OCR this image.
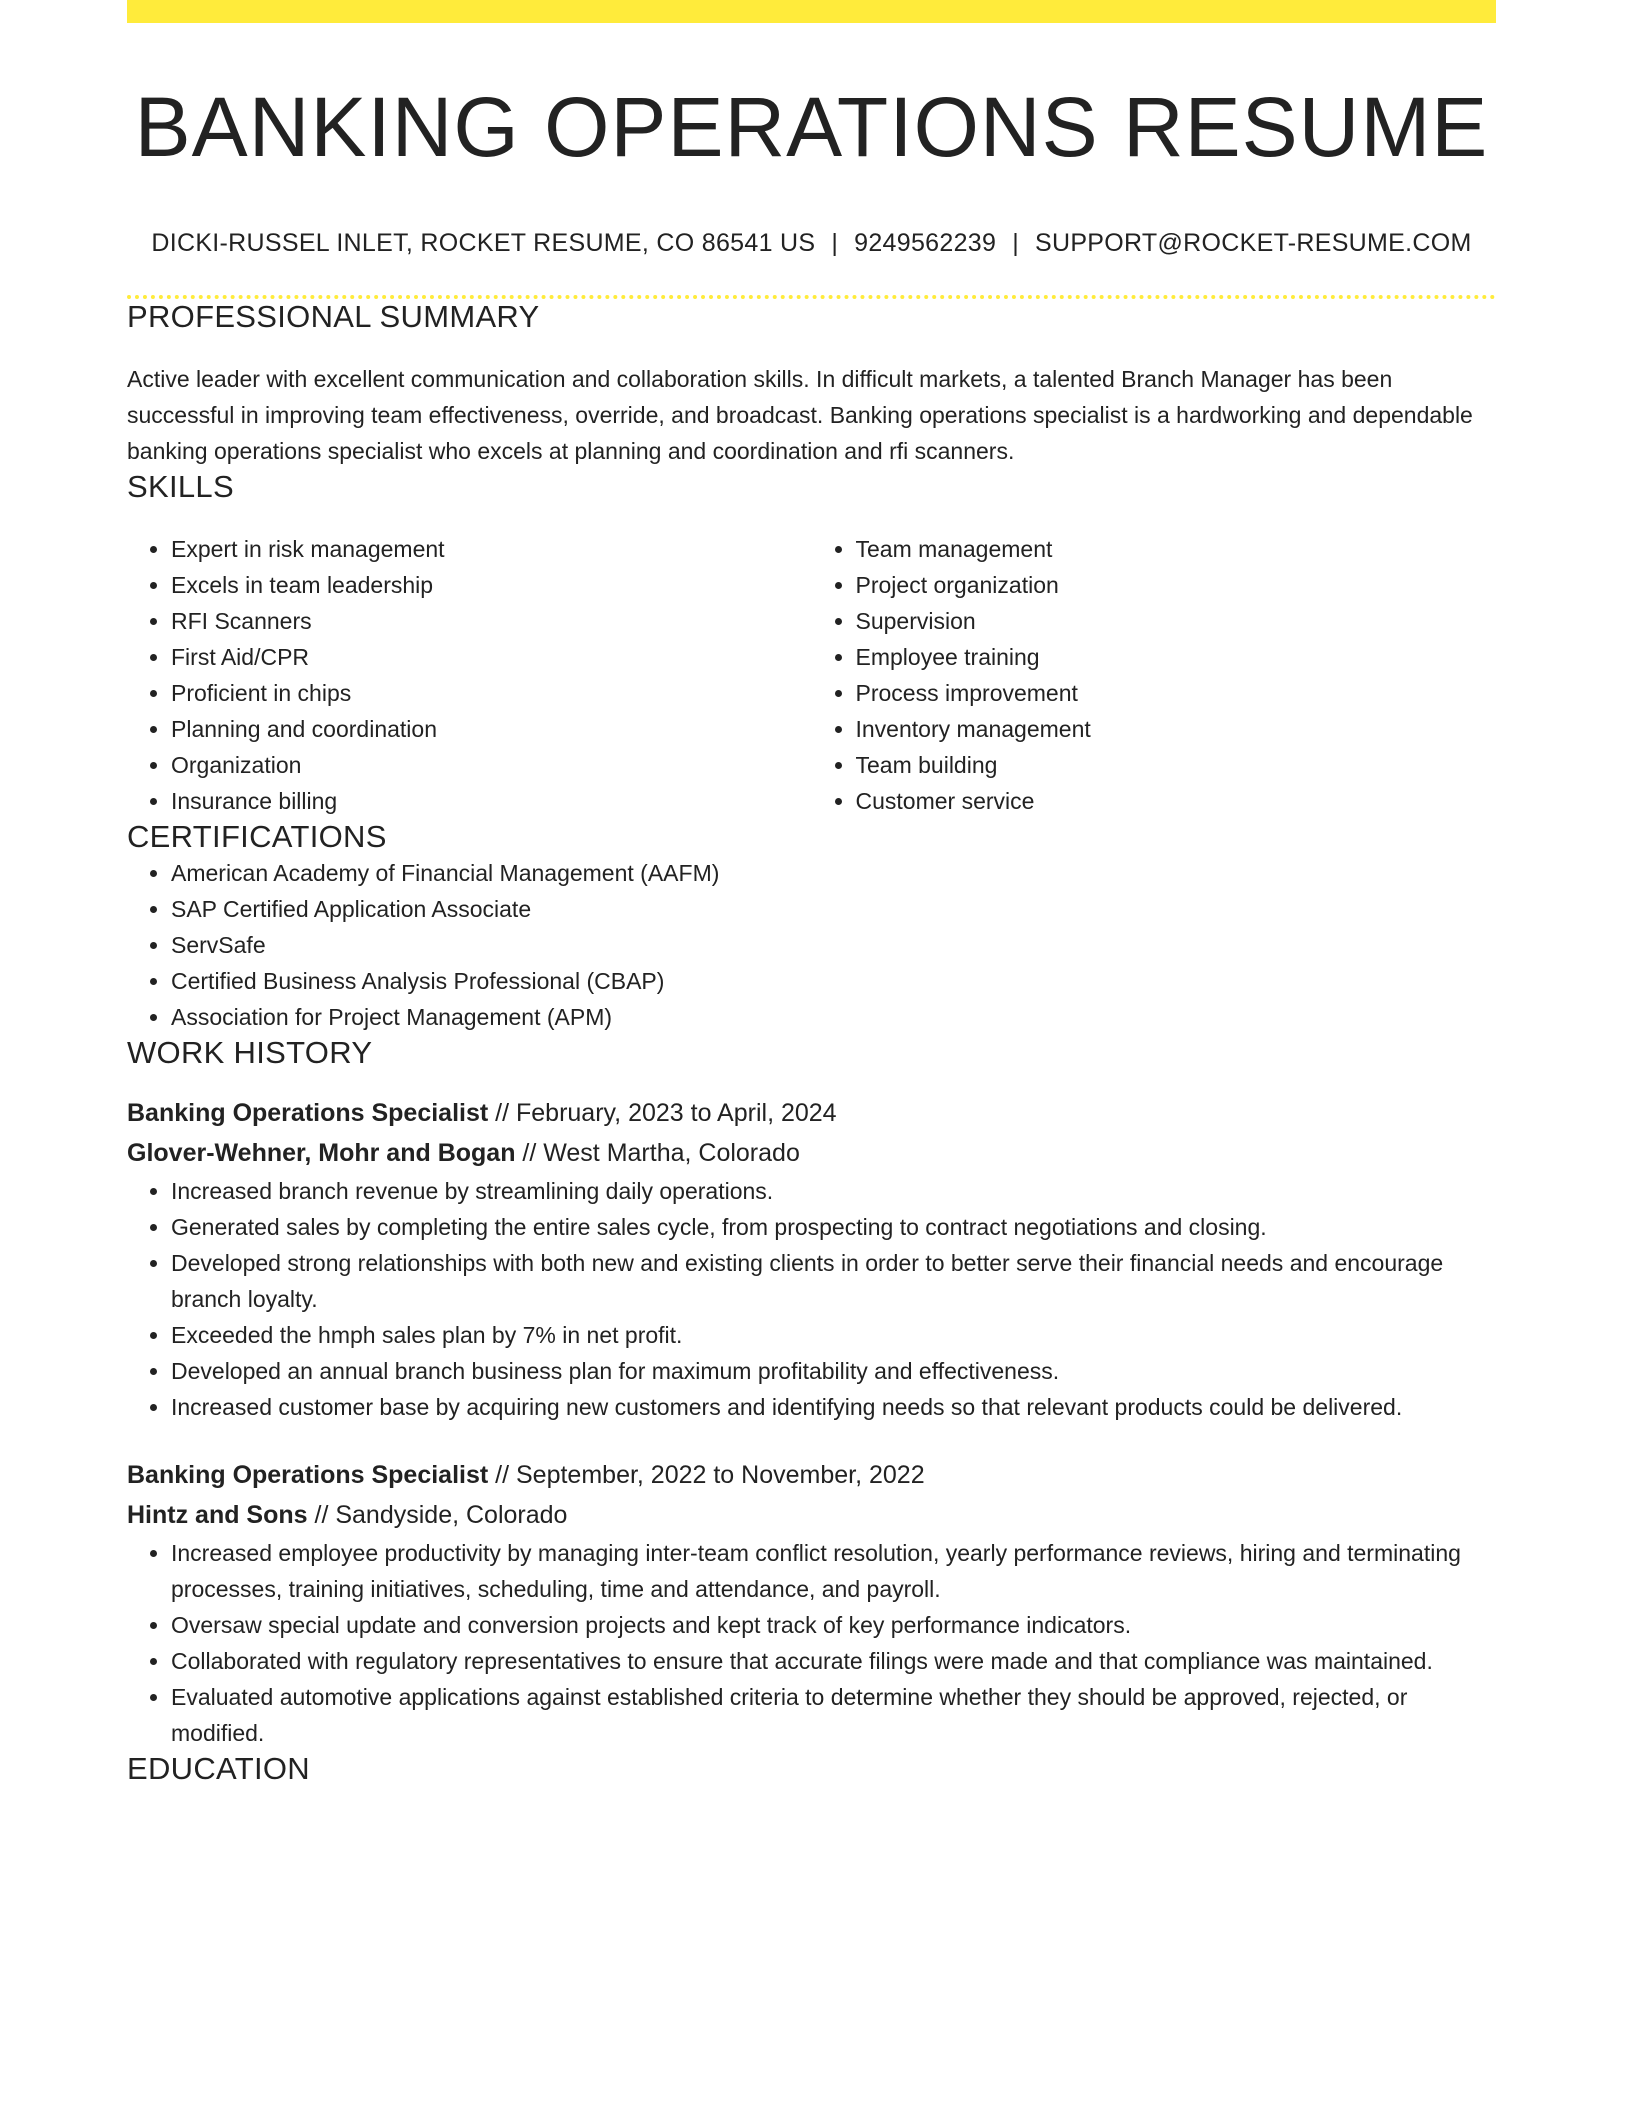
BANKING OPERATIONS RESUME
DICKI-RUSSEL INLET, ROCKET RESUME, CO 86541 US | 9249562239 | SUPPORT@ROCKET-RESUME.COM
PROFESSIONAL SUMMARY

Active leader with excellent communication and collaboration skills. In difficult markets, a talented Branch Manager has been successful in improving team effectiveness, override, and broadcast. Banking operations specialist is a hardworking and dependable banking operations specialist who excels at planning and coordination and rfi scanners.

SKILLS
• Expert in risk management
• Excels in team leadership
• RFI Scanners
• First Aid/CPR
• Proficient in chips
• Planning and coordination
• Organization
• Insurance billing
• Team management
• Project organization
• Supervision
• Employee training
• Process improvement
• Inventory management
• Team building
• Customer service
CERTIFICATIONS
• American Academy of Financial Management (AAFM)
• SAP Certified Application Associate
• ServSafe
• Certified Business Analysis Professional (CBAP)
• Association for Project Management (APM)
WORK HISTORY
Banking Operations Specialist // February, 2023 to April, 2024
Glover-Wehner, Mohr and Bogan // West Martha, Colorado
• Increased branch revenue by streamlining daily operations.
• Generated sales by completing the entire sales cycle, from prospecting to contract negotiations and closing.
• Developed strong relationships with both new and existing clients in order to better serve their financial needs and encourage branch loyalty.
• Exceeded the hmph sales plan by 7% in net profit.
• Developed an annual branch business plan for maximum profitability and effectiveness.
• Increased customer base by acquiring new customers and identifying needs so that relevant products could be delivered.
Banking Operations Specialist // September, 2022 to November, 2022
Hintz and Sons // Sandyside, Colorado
• Increased employee productivity by managing inter-team conflict resolution, yearly performance reviews, hiring and terminating processes, training initiatives, scheduling, time and attendance, and payroll.
• Oversaw special update and conversion projects and kept track of key performance indicators.
• Collaborated with regulatory representatives to ensure that accurate filings were made and that compliance was maintained.
• Evaluated automotive applications against established criteria to determine whether they should be approved, rejected, or modified.
EDUCATION
